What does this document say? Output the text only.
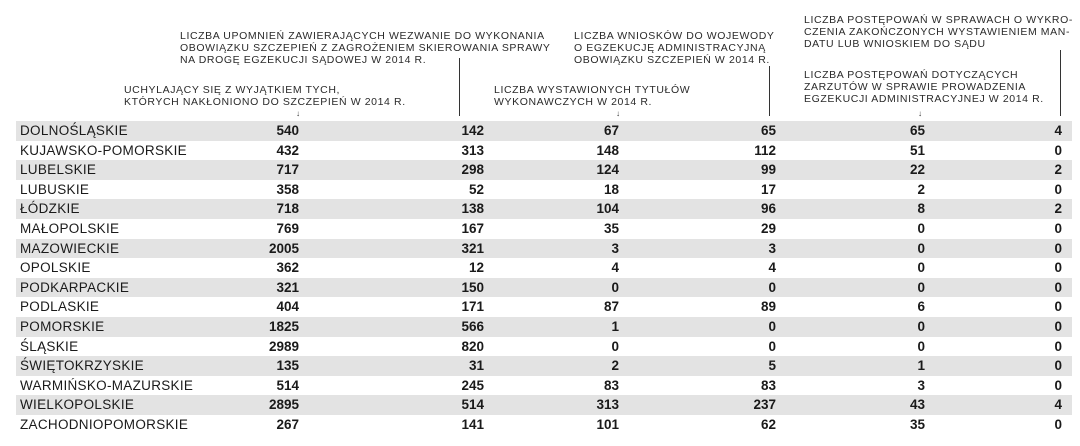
UCHYLAJĄCY SIĘ Z WYJĄTKIEM TYCH,
KTÓRYCH NAKŁONIONO DO SZCZEPIEŃ W 2014 R.
LICZBA UPOMNIEŃ ZAWIERAJĄCYCH WEZWANIE DO WYKONANIA
OBOWIĄZKU SZCZEPIEŃ Z ZAGROŻENIEM SKIEROWANIA SPRAWY
NA DROGĘ EGZEKUCJI SĄDOWEJ W 2014 R.
LICZBA WYSTAWIONYCH TYTUŁÓW
WYKONAWCZYCH W 2014 R.
LICZBA WNIOSKÓW DO WOJEWODY
O EGZEKUCJĘ ADMINISTRACYJNĄ
OBOWIĄZKU SZCZEPIEŃ W 2014 R.
LICZBA POSTĘPOWAŃ DOTYCZĄCYCH
ZARZUTÓW W SPRAWIE PROWADZENIA
EGZEKUCJI ADMINISTRACYJNEJ W 2014 R.
LICZBA POSTĘPOWAŃ W SPRAWACH O WYKRO-
CZENIA ZAKOŃCZONYCH WYSTAWIENIEM MAN-
DATU LUB WNIOSKIEM DO SĄDU
↓	↓	↓
DOLNOŚLĄSKIE	540	142	67	65	65	4
KUJAWSKO-POMORSKIE	432	313	148	112	51	0
LUBELSKIE	717	298	124	99	22	2
LUBUSKIE	358	52	18	17	2	0
ŁÓDZKIE	718	138	104	96	8	2
MAŁOPOLSKIE	769	167	35	29	0	0
MAZOWIECKIE	2005	321	3	3	0	0
OPOLSKIE	362	12	4	4	0	0
PODKARPACKIE	321	150	0	0	0	0
PODLASKIE	404	171	87	89	6	0
POMORSKIE	1825	566	1	0	0	0
ŚLĄSKIE	2989	820	0	0	0	0
ŚWIĘTOKRZYSKIE	135	31	2	5	1	0
WARMIŃSKO-MAZURSKIE	514	245	83	83	3	0
WIELKOPOLSKIE	2895	514	313	237	43	4
ZACHODNIOPOMORSKIE	267	141	101	62	35	0
